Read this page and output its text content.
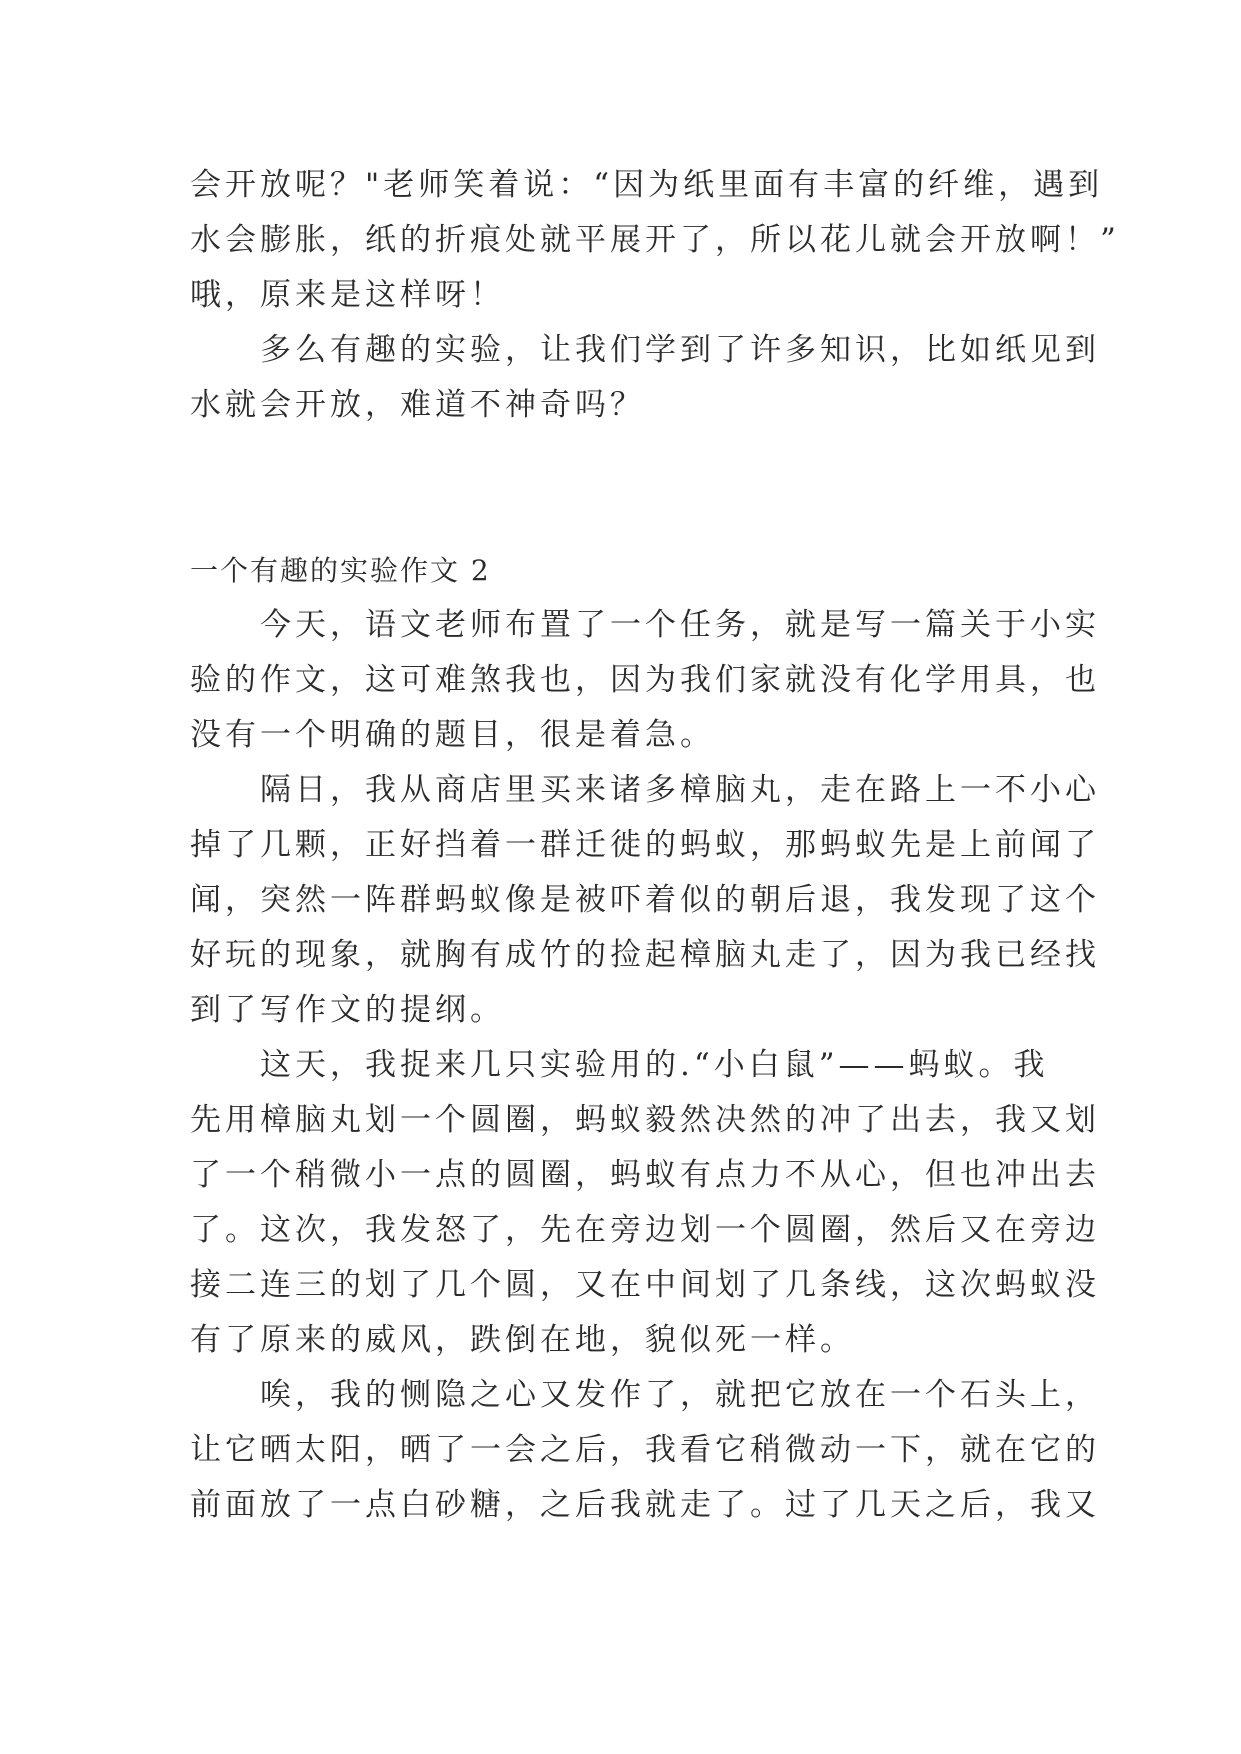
会开放呢？"老师笑着说：“因为纸里面有丰富的纤维，遇到
水会膨胀，纸的折痕处就平展开了，所以花儿就会开放啊！”
哦，原来是这样呀！
　　多么有趣的实验，让我们学到了许多知识，比如纸见到
水就会开放，难道不神奇吗？
一个有趣的实验作文 2
　　今天，语文老师布置了一个任务，就是写一篇关于小实
验的作文，这可难煞我也，因为我们家就没有化学用具，也
没有一个明确的题目，很是着急。
　　隔日，我从商店里买来诸多樟脑丸，走在路上一不小心
掉了几颗，正好挡着一群迁徙的蚂蚁，那蚂蚁先是上前闻了
闻，突然一阵群蚂蚁像是被吓着似的朝后退，我发现了这个
好玩的现象，就胸有成竹的捡起樟脑丸走了，因为我已经找
到了写作文的提纲。
　　这天，我捉来几只实验用的.“小白鼠”——蚂蚁。我
先用樟脑丸划一个圆圈，蚂蚁毅然决然的冲了出去，我又划
了一个稍微小一点的圆圈，蚂蚁有点力不从心，但也冲出去
了。这次，我发怒了，先在旁边划一个圆圈，然后又在旁边
接二连三的划了几个圆，又在中间划了几条线，这次蚂蚁没
有了原来的威风，跌倒在地，貌似死一样。
　　唉，我的恻隐之心又发作了，就把它放在一个石头上，
让它晒太阳，晒了一会之后，我看它稍微动一下，就在它的
前面放了一点白砂糖，之后我就走了。过了几天之后，我又
